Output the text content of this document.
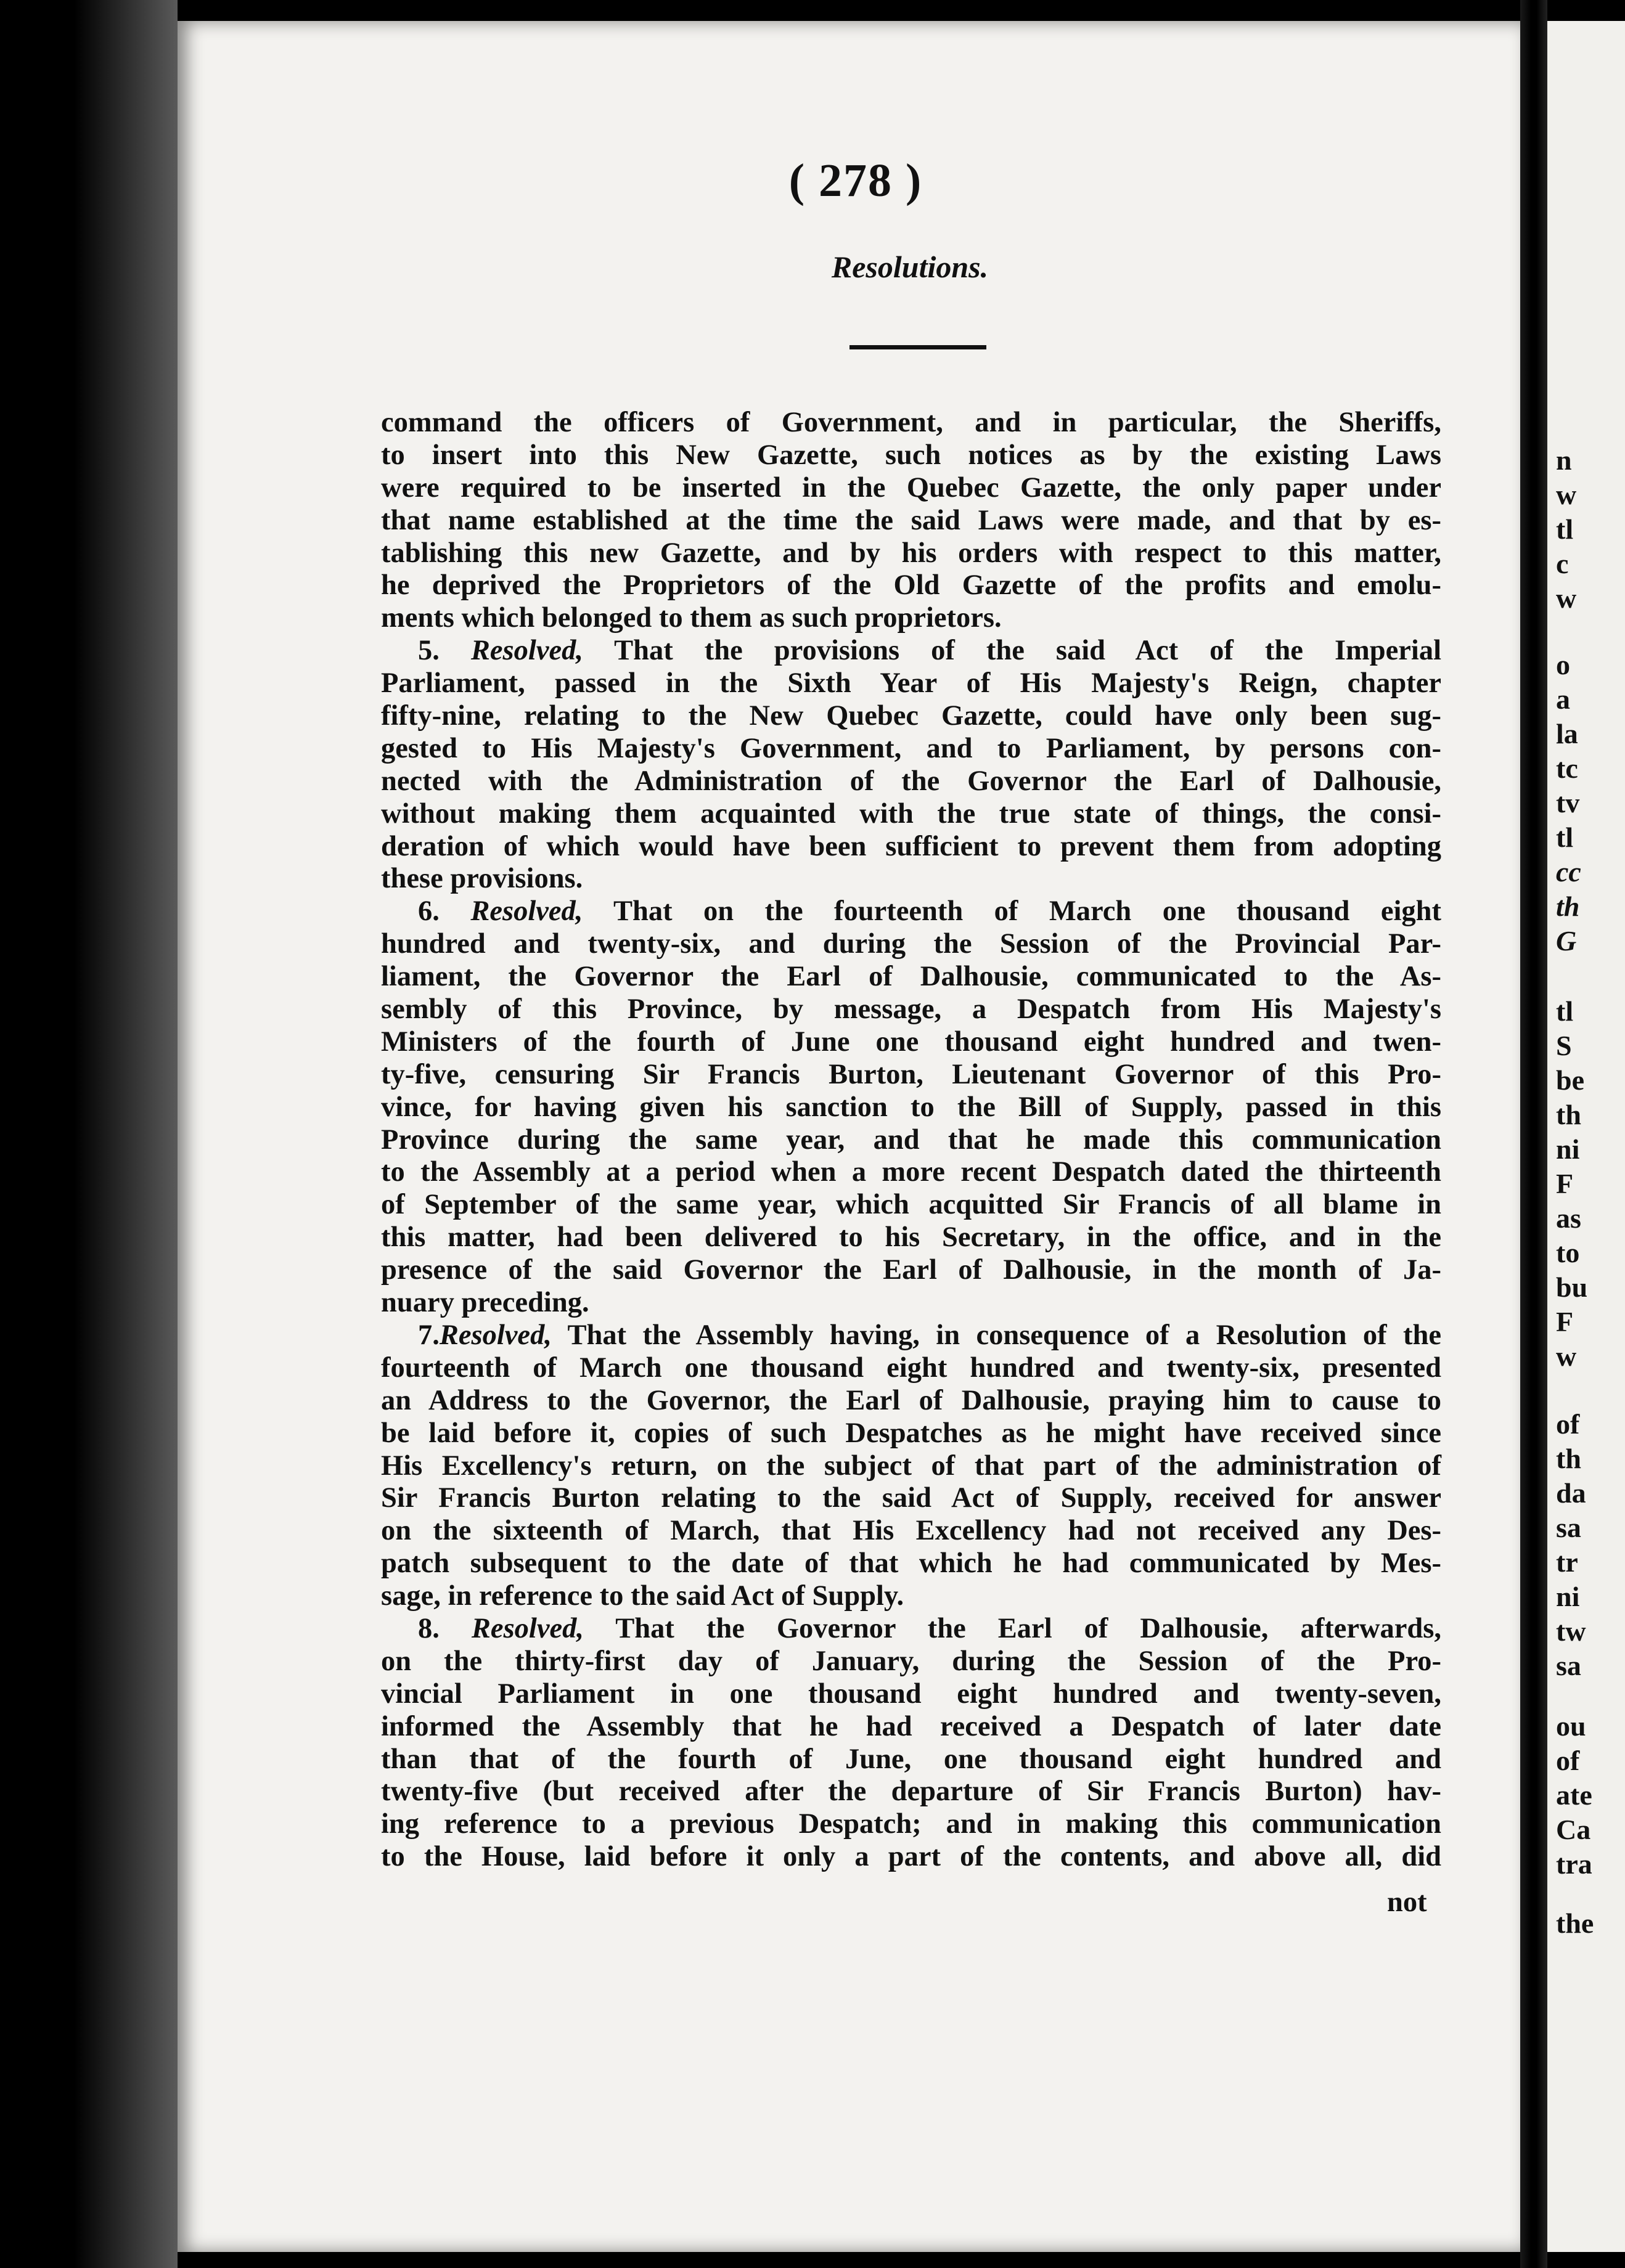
( 278 )
Resolutions.
command the officers of Government, and in particular, the Sheriffs,
to insert into this New Gazette, such notices as by the existing Laws
were required to be inserted in the Quebec Gazette, the only paper under
that name established at the time the said Laws were made, and that by es-
tablishing this new Gazette, and by his orders with respect to this matter,
he deprived the Proprietors of the Old Gazette of the profits and emolu-
ments which belonged to them as such proprietors.
5. Resolved, That the provisions of the said Act of the Imperial
Parliament, passed in the Sixth Year of His Majesty's Reign, chapter
fifty-nine, relating to the New Quebec Gazette, could have only been sug-
gested to His Majesty's Government, and to Parliament, by persons con-
nected with the Administration of the Governor the Earl of Dalhousie,
without making them acquainted with the true state of things, the consi-
deration of which would have been sufficient to prevent them from adopting
these provisions.
6. Resolved, That on the fourteenth of March one thousand eight
hundred and twenty-six, and during the Session of the Provincial Par-
liament, the Governor the Earl of Dalhousie, communicated to the As-
sembly of this Province, by message, a Despatch from His Majesty's
Ministers of the fourth of June one thousand eight hundred and twen-
ty-five, censuring Sir Francis Burton, Lieutenant Governor of this Pro-
vince, for having given his sanction to the Bill of Supply, passed in this
Province during the same year, and that he made this communication
to the Assembly at a period when a more recent Despatch dated the thirteenth
of September of the same year, which acquitted Sir Francis of all blame in
this matter, had been delivered to his Secretary, in the office, and in the
presence of the said Governor the Earl of Dalhousie, in the month of Ja-
nuary preceding.
7.Resolved, That the Assembly having, in consequence of a Resolution of the
fourteenth of March one thousand eight hundred and twenty-six, presented
an Address to the Governor, the Earl of Dalhousie, praying him to cause to
be laid before it, copies of such Despatches as he might have received since
His Excellency's return, on the subject of that part of the administration of
Sir Francis Burton relating to the said Act of Supply, received for answer
on the sixteenth of March, that His Excellency had not received any Des-
patch subsequent to the date of that which he had communicated by Mes-
sage, in reference to the said Act of Supply.
8. Resolved, That the Governor the Earl of Dalhousie, afterwards,
on the thirty-first day of January, during the Session of the Pro-
vincial Parliament in one thousand eight hundred and twenty-seven,
informed the Assembly that he had received a Despatch of later date
than that of the fourth of June, one thousand eight hundred and
twenty-five (but received after the departure of Sir Francis Burton) hav-
ing reference to a previous Despatch; and in making this communication
to the House, laid before it only a part of the contents, and above all, did
not
n
w
tl
c
w
o
a
la
tc
tv
tl
cc
th
G
tl
S
be
th
ni
F
as
to
bu
F
w
of
th
da
sa
tr
ni
tw
sa
ou
of
ate
Ca
tra
the
